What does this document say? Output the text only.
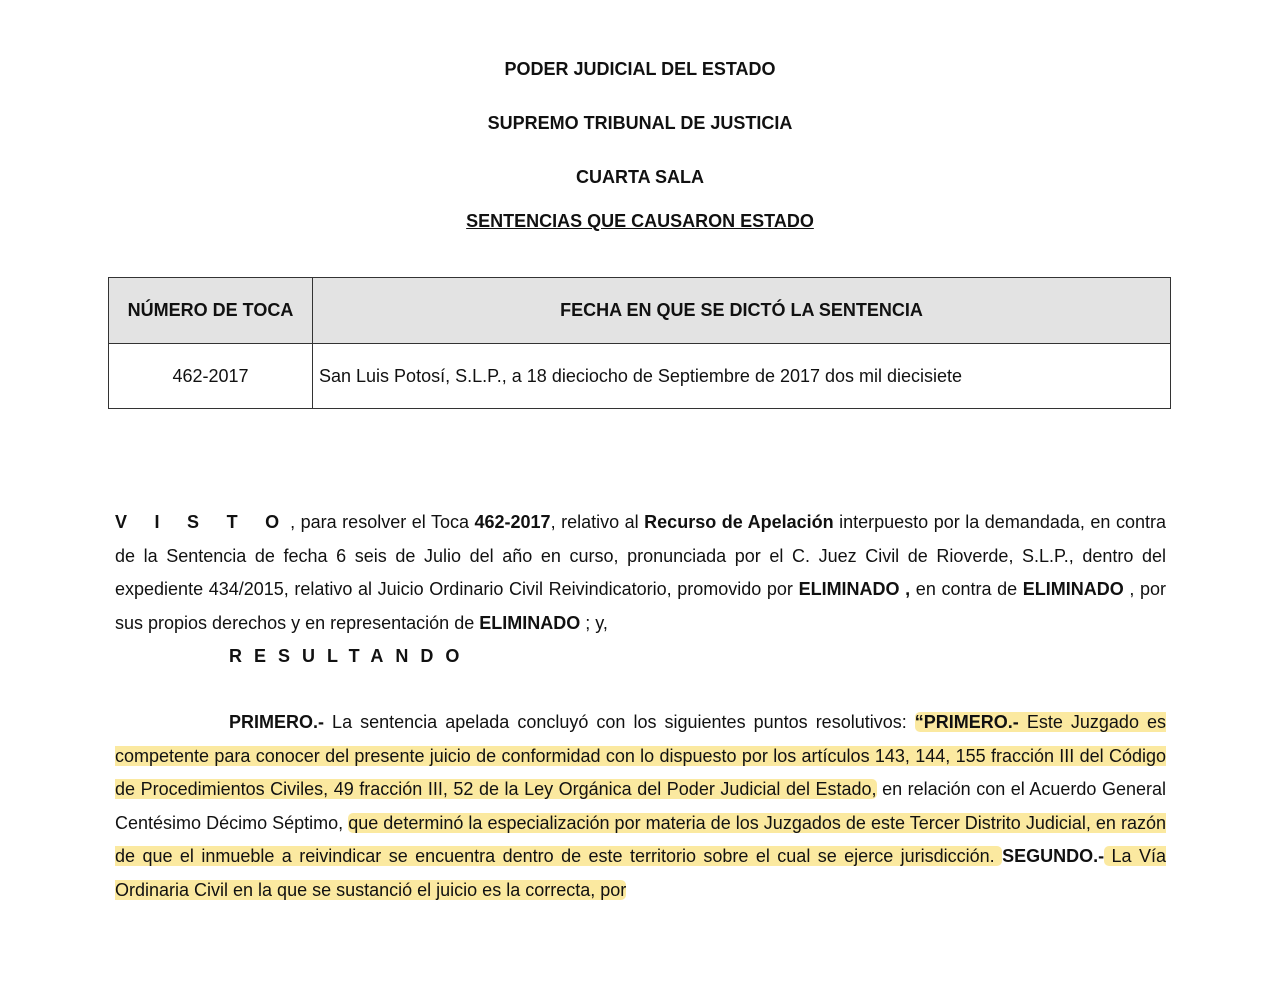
PODER JUDICIAL DEL ESTADO
SUPREMO TRIBUNAL DE JUSTICIA
CUARTA SALA
SENTENCIAS QUE CAUSARON ESTADO
NÚMERO DE TOCA	FECHA EN QUE SE DICTÓ LA SENTENCIA
462-2017	San Luis Potosí, S.L.P., a 18 dieciocho de Septiembre de 2017 dos mil diecisiete
V I S T O, para resolver el Toca 462-2017, relativo al Recurso de Apelación interpuesto por la demandada, en contra de la Sentencia de fecha 6 seis de Julio del año en curso, pronunciada por el C. Juez Civil de Rioverde, S.L.P., dentro del expediente 434/2015, relativo al Juicio Ordinario Civil Reivindicatorio, promovido por ELIMINADO , en contra de ELIMINADO , por sus propios derechos y en representación de ELIMINADO ; y,
RESULTANDO
PRIMERO.- La sentencia apelada concluyó con los siguientes puntos resolutivos: “PRIMERO.- Este Juzgado es competente para conocer del presente juicio de conformidad con lo dispuesto por los artículos 143, 144, 155 fracción III del Código de Procedimientos Civiles, 49 fracción III, 52 de la Ley Orgánica del Poder Judicial del Estado, en relación con el Acuerdo General Centésimo Décimo Séptimo, que determinó la especialización por materia de los Juzgados de este Tercer Distrito Judicial, en razón de que el inmueble a reivindicar se encuentra dentro de este territorio sobre el cual se ejerce jurisdicción. SEGUNDO.- La Vía Ordinaria Civil en la que se sustanció el juicio es la correcta, por
